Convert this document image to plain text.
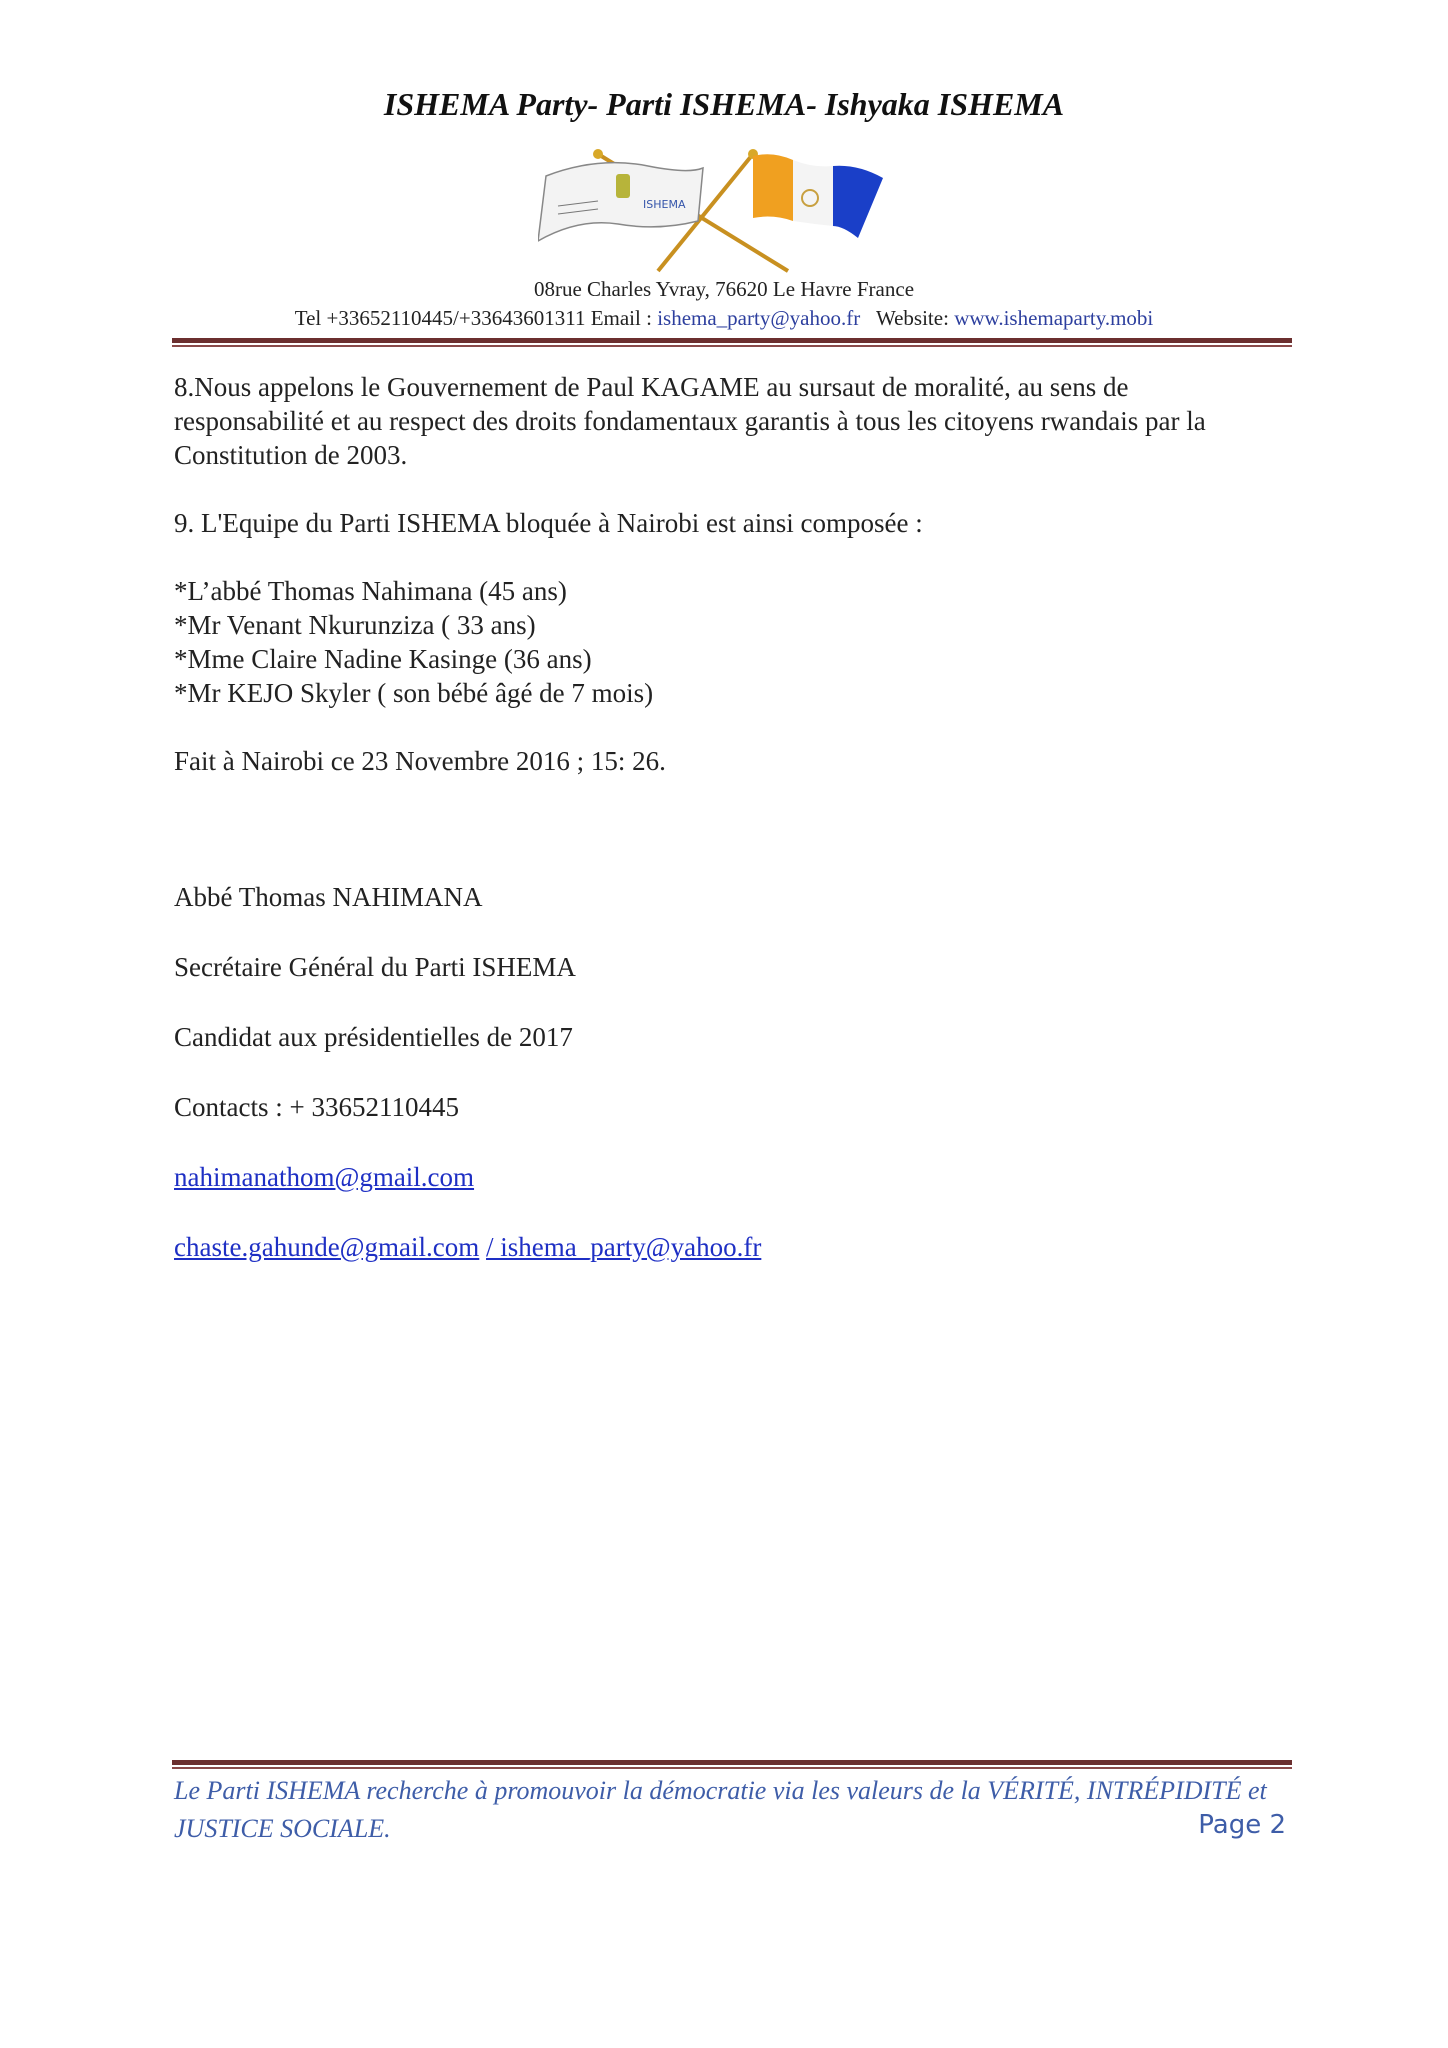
ISHEMA Party- Parti ISHEMA- Ishyaka ISHEMA
ISHEMA
08rue Charles Yvray, 76620 Le Havre France
Tel +33652110445/+33643601311 Email : ishema_party@yahoo.fr Website: www.ishemaparty.mobi

8.Nous appelons le Gouvernement de Paul KAGAME au sursaut de moralité, au sens de responsabilité et au respect des droits fondamentaux garantis à tous les citoyens rwandais par la Constitution de 2003.

9. L'Equipe du Parti ISHEMA bloquée à Nairobi est ainsi composée :

*L’abbé Thomas Nahimana (45 ans)

*Mr Venant Nkurunziza ( 33 ans)

*Mme Claire Nadine Kasinge (36 ans)

*Mr KEJO Skyler ( son bébé âgé de 7 mois)

Fait à Nairobi ce 23 Novembre 2016 ; 15: 26.

Abbé Thomas NAHIMANA

Secrétaire Général du Parti ISHEMA

Candidat aux présidentielles de 2017

Contacts : + 33652110445

nahimanathom@gmail.com

chaste.gahunde@gmail.com / ishema_party@yahoo.fr

Le Parti ISHEMA recherche à promouvoir la démocratie via les valeurs de la VÉRITÉ, INTRÉPIDITÉ et
JUSTICE SOCIALE.	Page 2
